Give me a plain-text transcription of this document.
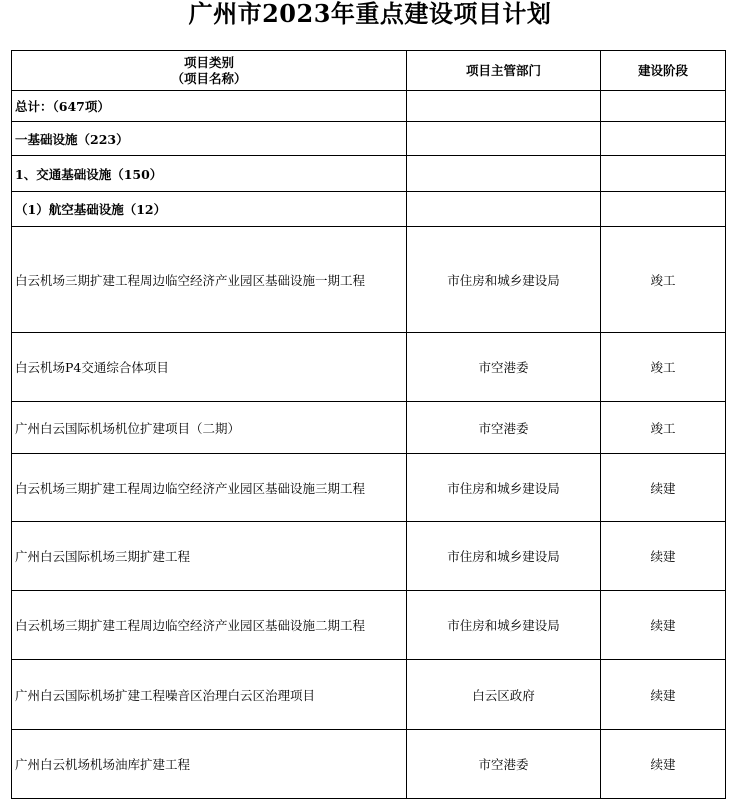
广州市2023年重点建设项目计划
项目类别
（项目名称）	项目主管部门	建设阶段
总计：（647项）		
一基础设施（223）		
1、交通基础设施（150）		
（1）航空基础设施（12）		
白云机场三期扩建工程周边临空经济产业园区基础设施一期工程	市住房和城乡建设局	竣工
白云机场P4交通综合体项目	市空港委	竣工
广州白云国际机场机位扩建项目（二期）	市空港委	竣工
白云机场三期扩建工程周边临空经济产业园区基础设施三期工程	市住房和城乡建设局	续建
广州白云国际机场三期扩建工程	市住房和城乡建设局	续建
白云机场三期扩建工程周边临空经济产业园区基础设施二期工程	市住房和城乡建设局	续建
广州白云国际机场扩建工程噪音区治理白云区治理项目	白云区政府	续建
广州白云机场机场油库扩建工程	市空港委	续建
